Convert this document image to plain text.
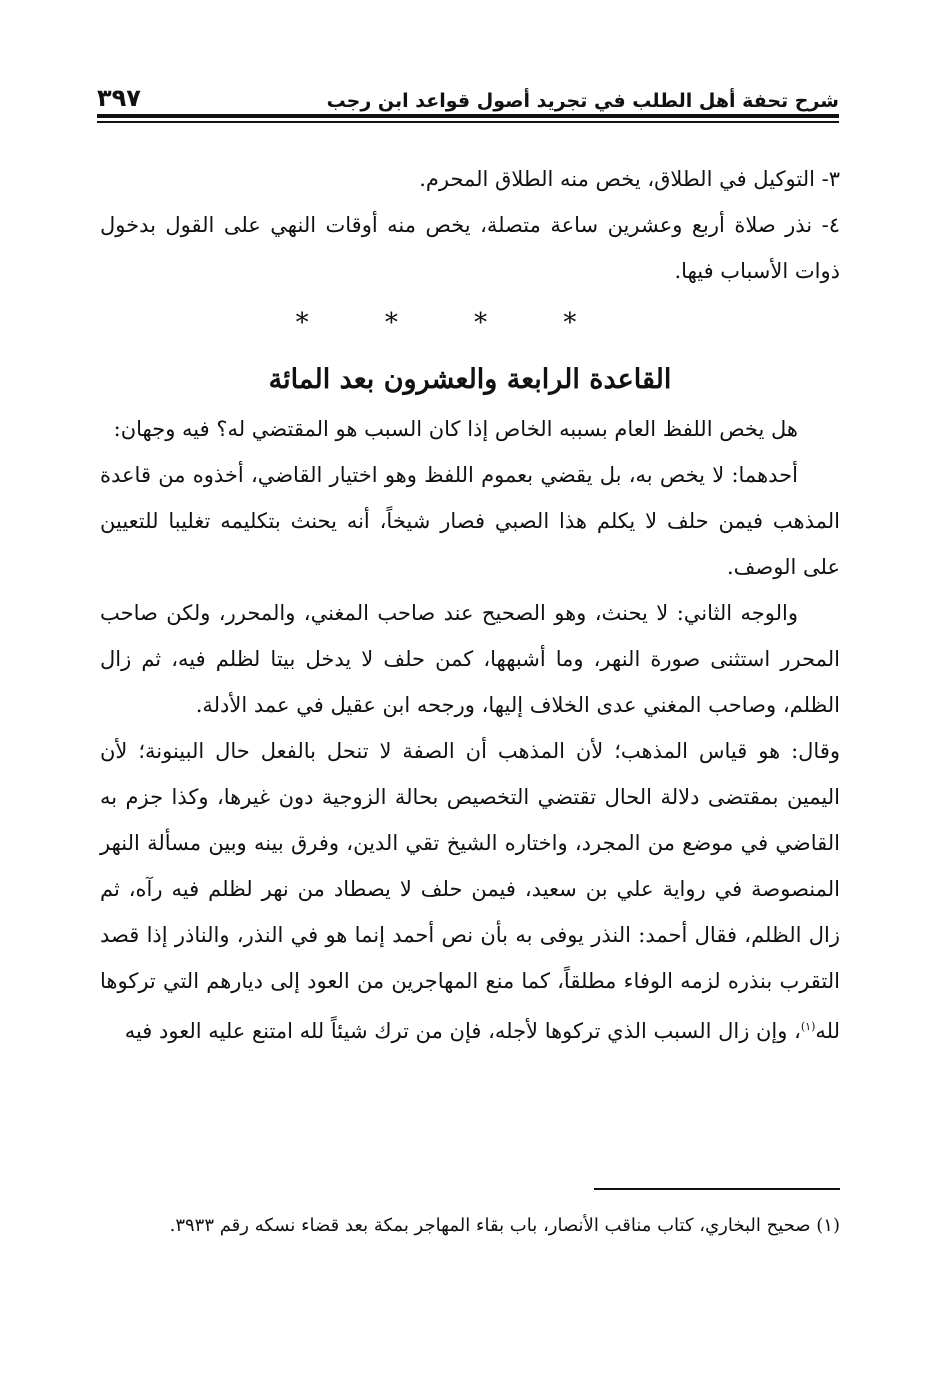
شرح تحفة أهل الطلب في تجريد أصول قواعد ابن رجب
٣٩٧

٣- التوكيل في الطلاق، يخص منه الطلاق المحرم.

٤- نذر صلاة أربع وعشرين ساعة متصلة، يخص منه أوقات النهي على القول بدخول ذوات الأسباب فيها.

* * * *

القاعدة الرابعة والعشرون بعد المائة

هل يخص اللفظ العام بسببه الخاص إذا كان السبب هو المقتضي له؟ فيه وجهان:

أحدهما: لا يخص به، بل يقضي بعموم اللفظ وهو اختيار القاضي، أخذوه من قاعدة المذهب فيمن حلف لا يكلم هذا الصبي فصار شيخاً، أنه يحنث بتكليمه تغليبا للتعيين على الوصف.

والوجه الثاني: لا يحنث، وهو الصحيح عند صاحب المغني، والمحرر، ولكن صاحب المحرر استثنى صورة النهر، وما أشبهها، كمن حلف لا يدخل بيتا لظلم فيه، ثم زال الظلم، وصاحب المغني عدى الخلاف إليها، ورجحه ابن عقيل في عمد الأدلة.

وقال: هو قياس المذهب؛ لأن المذهب أن الصفة لا تنحل بالفعل حال البينونة؛ لأن اليمين بمقتضى دلالة الحال تقتضي التخصيص بحالة الزوجية دون غيرها، وكذا جزم به القاضي في موضع من المجرد، واختاره الشيخ تقي الدين، وفرق بينه وبين مسألة النهر المنصوصة في رواية علي بن سعيد، فيمن حلف لا يصطاد من نهر لظلم فيه رآه، ثم زال الظلم، فقال أحمد: النذر يوفى به بأن نص أحمد إنما هو في النذر، والناذر إذا قصد التقرب بنذره لزمه الوفاء مطلقاً، كما منع المهاجرين من العود إلى ديارهم التي تركوها لله$^{(١)}$، وإن زال السبب الذي تركوها لأجله، فإن من ترك شيئاً لله امتنع عليه العود فيه

(١) صحيح البخاري، كتاب مناقب الأنصار، باب بقاء المهاجر بمكة بعد قضاء نسكه رقم ٣٩٣٣.
